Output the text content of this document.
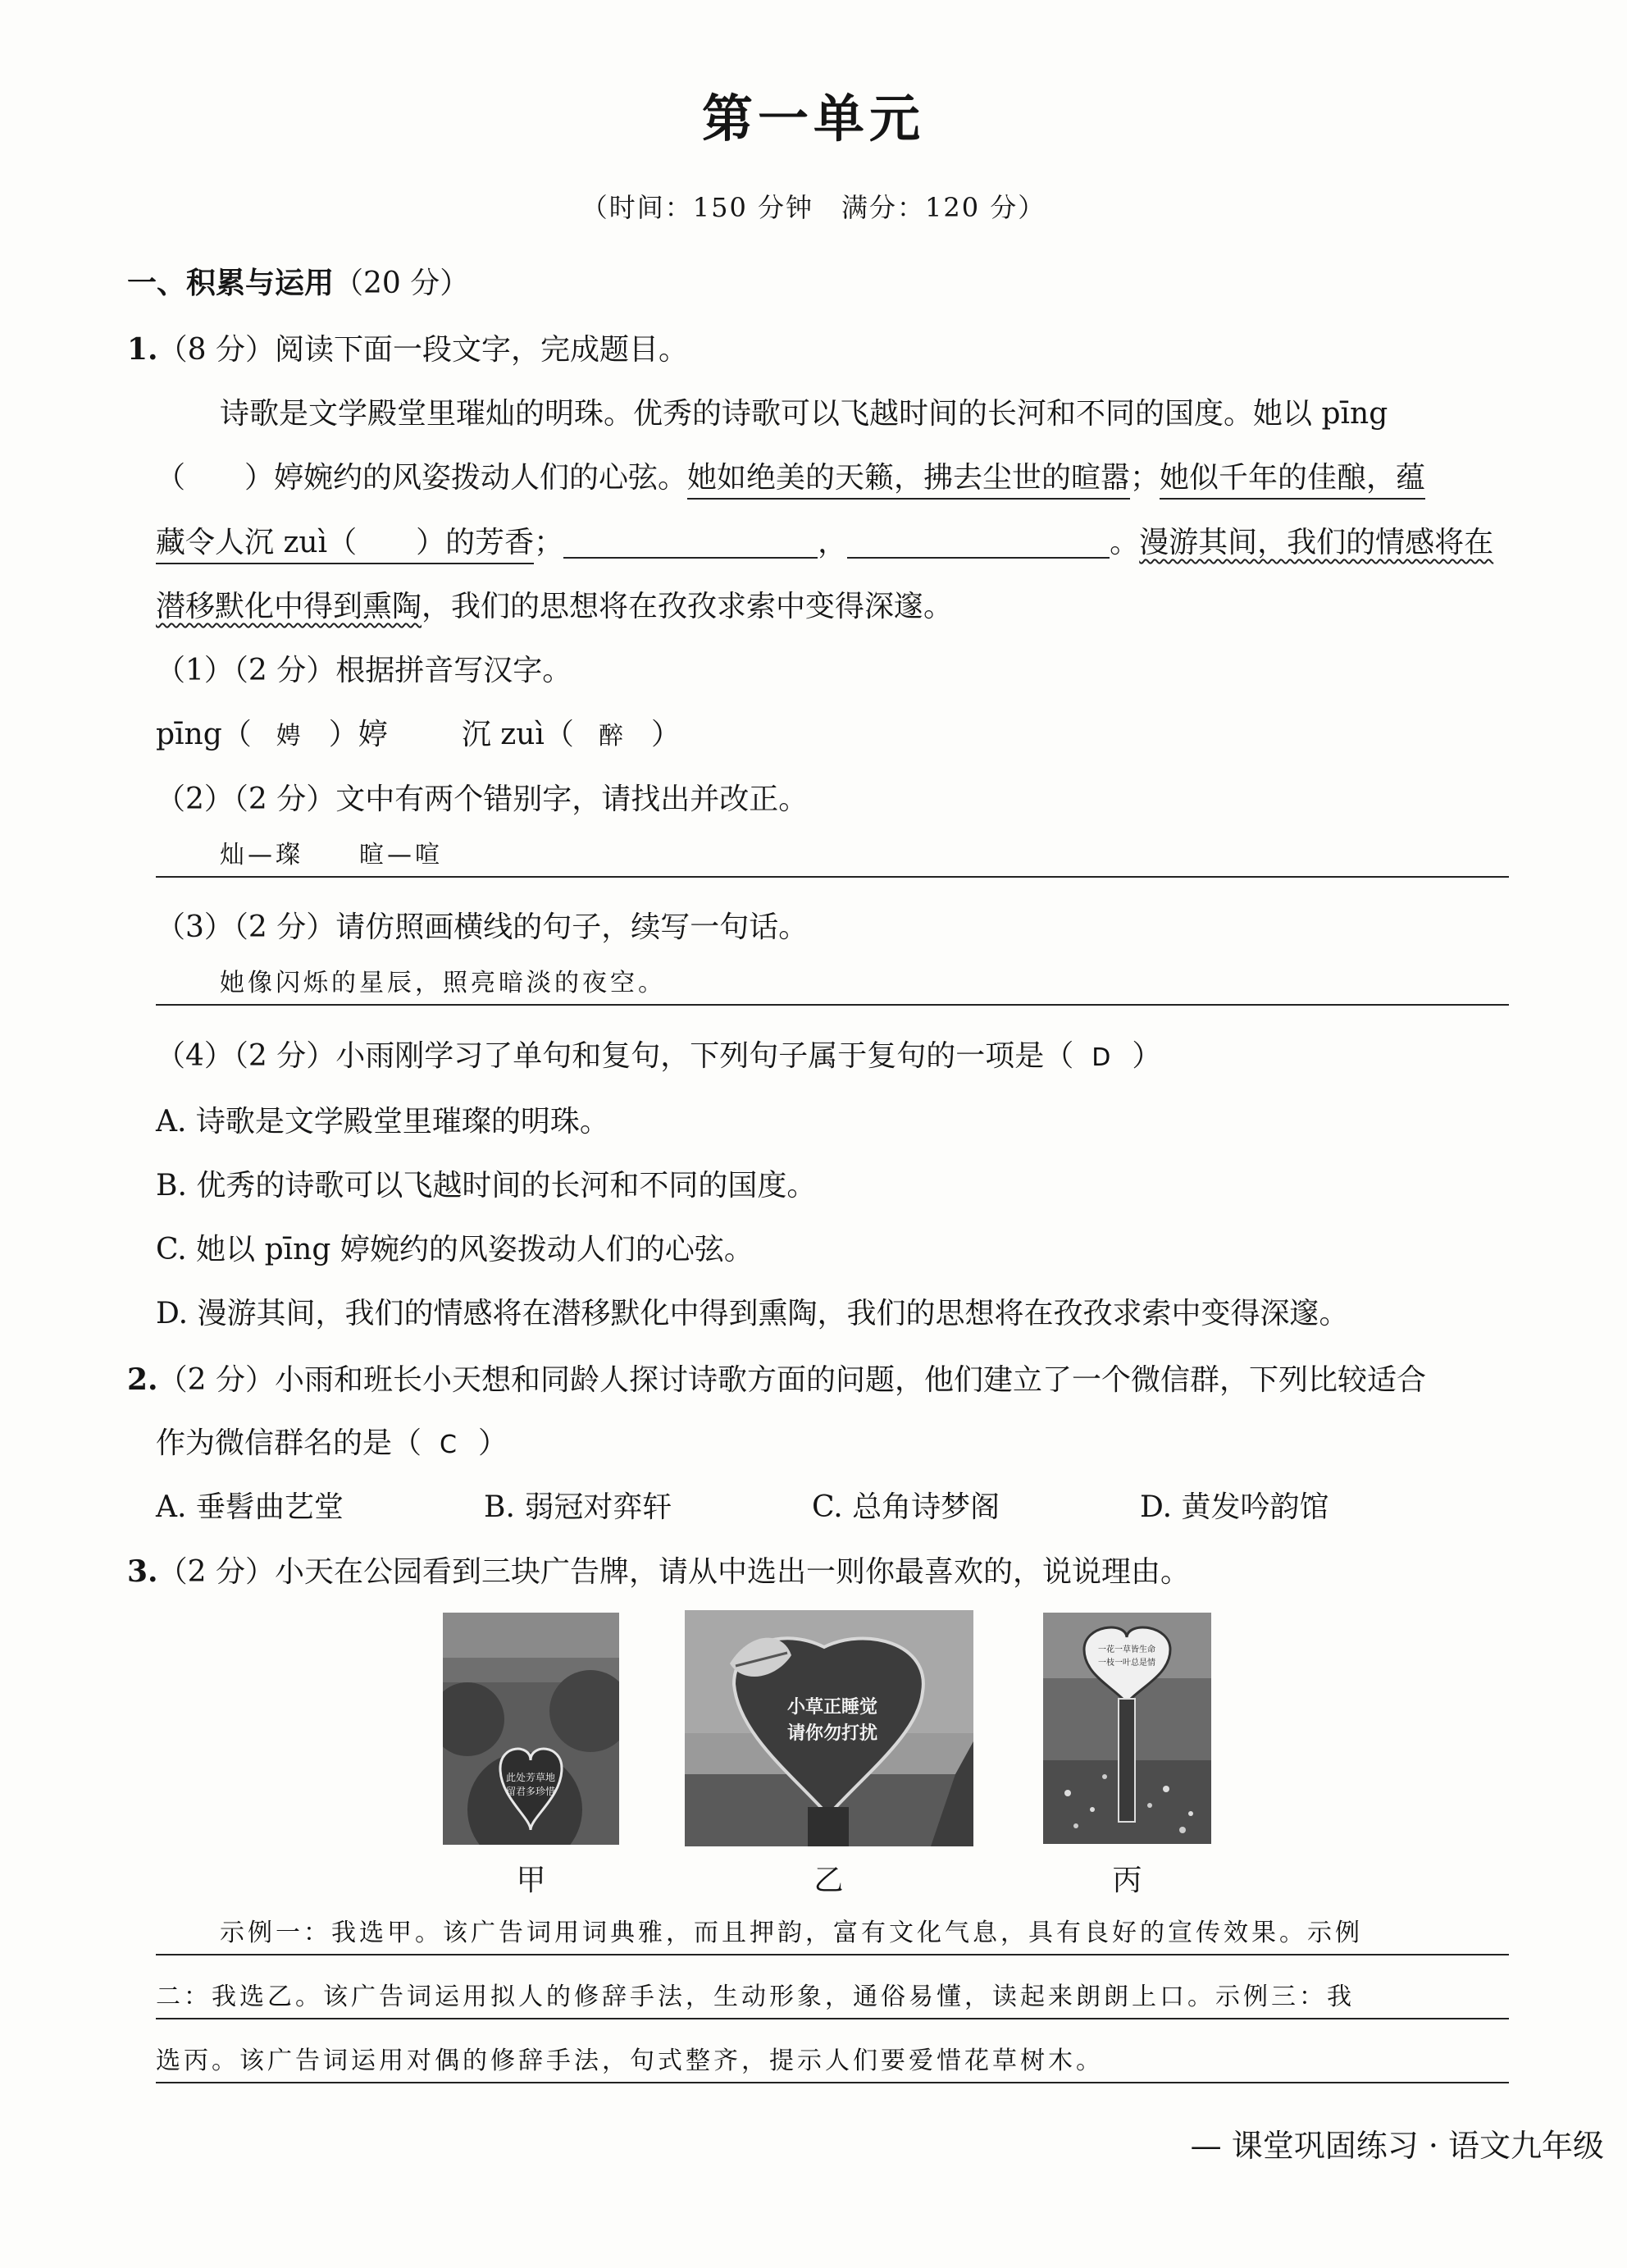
第一单元
（时间：150 分钟　满分：120 分）
一、积累与运用（20 分）
1.（8 分）阅读下面一段文字，完成题目。
诗歌是文学殿堂里璀灿的明珠。优秀的诗歌可以飞越时间的长河和不同的国度。她以 pīng
（　　）婷婉约的风姿拨动人们的心弦。她如绝美的天籁，拂去尘世的暄嚣；她似千年的佳酿，蕴
藏令人沉 zuì（　　）的芳香；	，	。漫游其间，我们的情感将在
潜移默化中得到熏陶，我们的思想将在孜孜求索中变得深邃。
（1）（2 分）根据拼音写汉字。
pīng（ 娉 ）婷	沉 zuì（ 醉 ）
（2）（2 分）文中有两个错别字，请找出并改正。
灿—璨　　暄—喧
（3）（2 分）请仿照画横线的句子，续写一句话。
她像闪烁的星辰，照亮暗淡的夜空。
（4）（2 分）小雨刚学习了单句和复句，下列句子属于复句的一项是（ D ）
A. 诗歌是文学殿堂里璀璨的明珠。
B. 优秀的诗歌可以飞越时间的长河和不同的国度。
C. 她以 pīng 婷婉约的风姿拨动人们的心弦。
D. 漫游其间，我们的情感将在潜移默化中得到熏陶，我们的思想将在孜孜求索中变得深邃。
2.（2 分）小雨和班长小天想和同龄人探讨诗歌方面的问题，他们建立了一个微信群，下列比较适合
作为微信群名的是（ C ）
A. 垂髫曲艺堂	B. 弱冠对弈轩	C. 总角诗梦阁	D. 黄发吟韵馆
3.（2 分）小天在公园看到三块广告牌，请从中选出一则你最喜欢的，说说理由。
此处芳草地
留君多珍惜
甲
小草正睡觉
请你勿打扰
乙
一花一草皆生命
一枝一叶总是情
丙
示例一：我选甲。该广告词用词典雅，而且押韵，富有文化气息，具有良好的宣传效果。示例
二：我选乙。该广告词运用拟人的修辞手法，生动形象，通俗易懂，读起来朗朗上口。示例三：我
选丙。该广告词运用对偶的修辞手法，句式整齐，提示人们要爱惜花草树木。
— 课堂巩固练习 · 语文九年级
